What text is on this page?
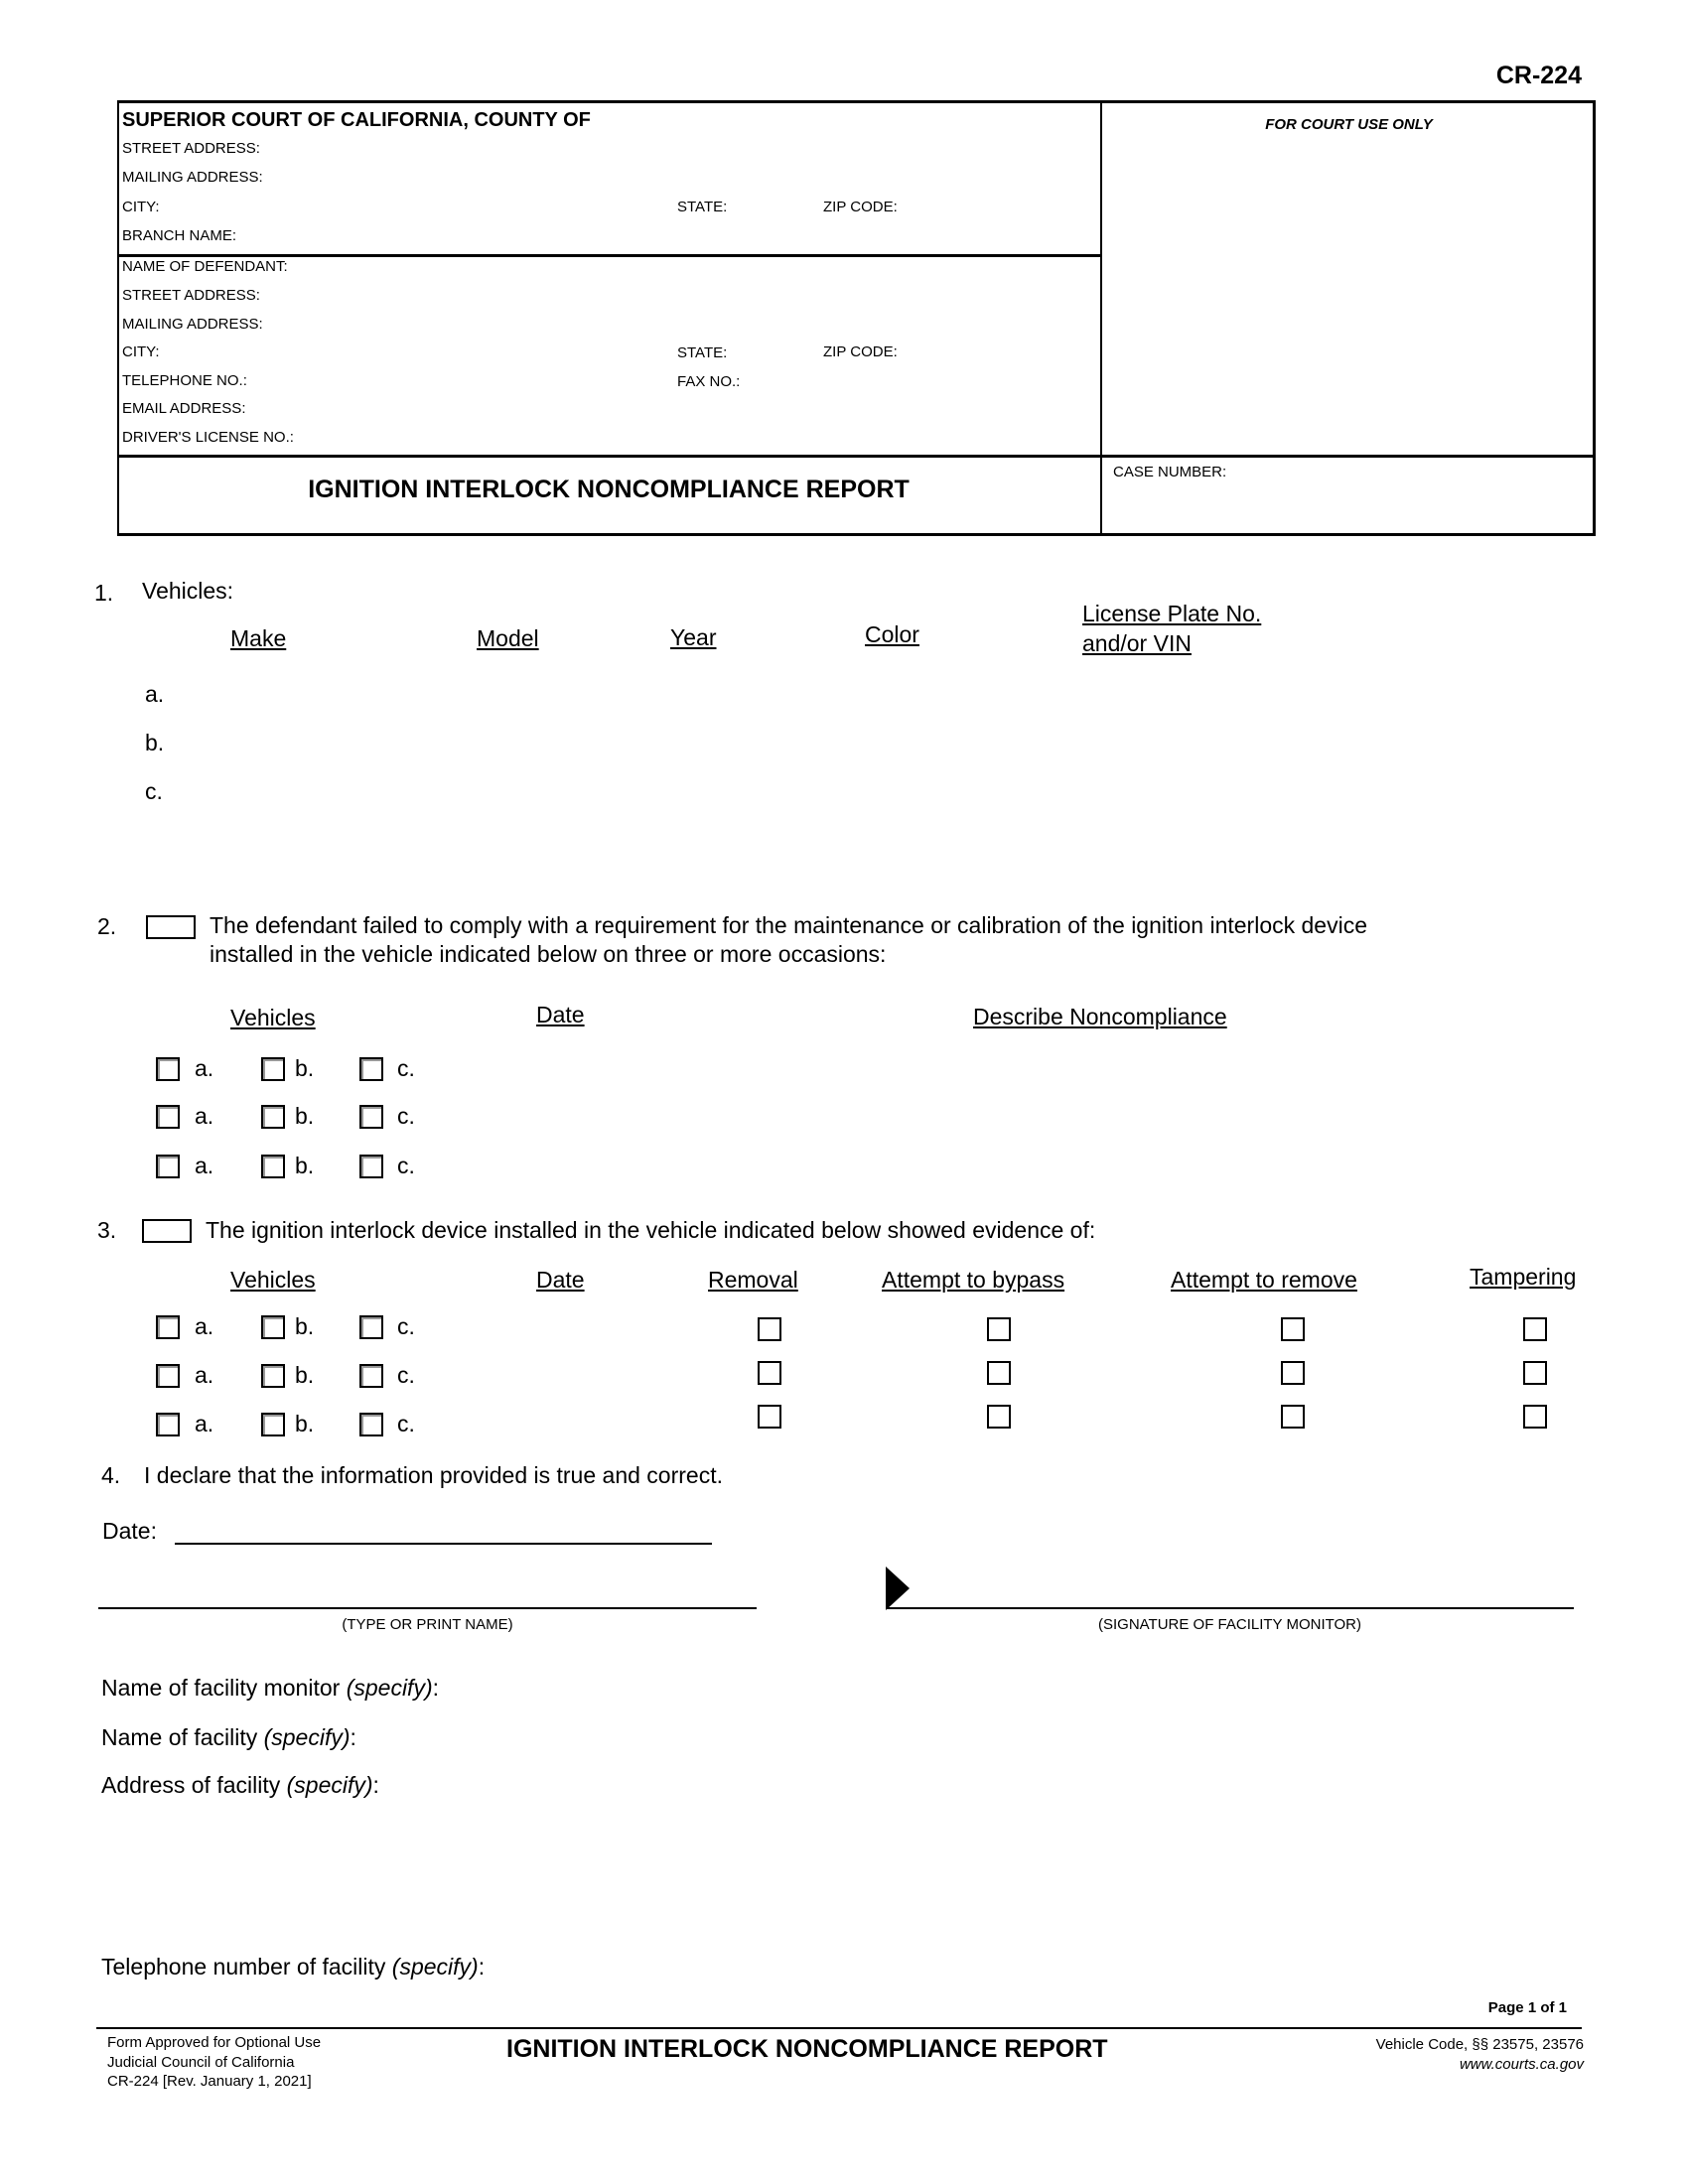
CR-224
SUPERIOR COURT OF CALIFORNIA, COUNTY OF
STREET ADDRESS:
MAILING ADDRESS:
CITY:	STATE:	ZIP CODE:
BRANCH NAME:
NAME OF DEFENDANT:
STREET ADDRESS:
MAILING ADDRESS:
CITY:	STATE:	ZIP CODE:
TELEPHONE NO.:	FAX NO.:
EMAIL ADDRESS:
DRIVER'S LICENSE NO.:
FOR COURT USE ONLY
CASE NUMBER:
IGNITION INTERLOCK NONCOMPLIANCE REPORT
1. Vehicles:
Make	Model	Year	Color
License Plate No.
and/or VIN
a.
b.
c.
2.	The defendant failed to comply with a requirement for the maintenance or calibration of the ignition interlock device
installed in the vehicle indicated below on three or more occasions:
Vehicles	Date	Describe Noncompliance
a.	b.	c.
a.	b.	c.
a.	b.	c.
3.	The ignition interlock device installed in the vehicle indicated below showed evidence of:
Vehicles	Date	Removal	Attempt to bypass	Attempt to remove	Tampering
a.	b.	c.
a.	b.	c.
a.	b.	c.
4. I declare that the information provided is true and correct.
Date:
(TYPE OR PRINT NAME)	(SIGNATURE OF FACILITY MONITOR)
Name of facility monitor (specify):
Name of facility (specify):
Address of facility (specify):
Telephone number of facility (specify):
Page 1 of 1
Form Approved for Optional Use
Judicial Council of California
CR-224 [Rev. January 1, 2021]
IGNITION INTERLOCK NONCOMPLIANCE REPORT	Vehicle Code, §§ 23575, 23576
www.courts.ca.gov
